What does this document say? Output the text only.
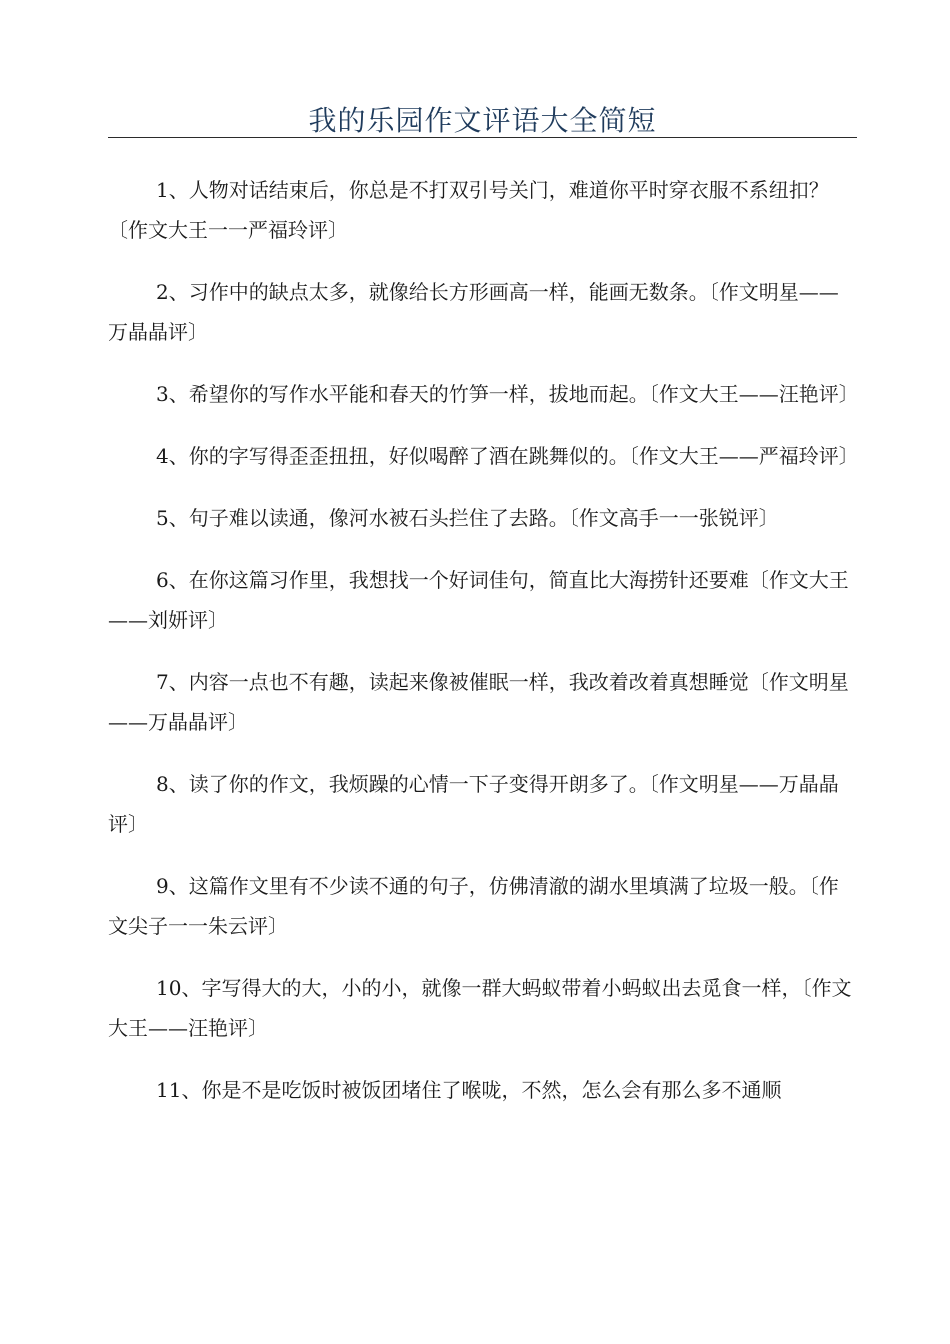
我的乐园作文评语大全简短

1、人物对话结束后，你总是不打双引号关门，难道你平时穿衣服不系纽扣？〔作文大王一一严福玲评〕

2、习作中的缺点太多，就像给长方形画高一样，能画无数条。〔作文明星——万晶晶评〕

3、希望你的写作水平能和春天的竹笋一样，拔地而起。〔作文大王——汪艳评〕

4、你的字写得歪歪扭扭，好似喝醉了酒在跳舞似的。〔作文大王——严福玲评〕

5、句子难以读通，像河水被石头拦住了去路。〔作文高手一一张锐评〕

6、在你这篇习作里，我想找一个好词佳句，简直比大海捞针还要难〔作文大王——刘妍评〕

7、内容一点也不有趣，读起来像被催眠一样，我改着改着真想睡觉〔作文明星——万晶晶评〕

8、读了你的作文，我烦躁的心情一下子变得开朗多了。〔作文明星——万晶晶评〕

9、这篇作文里有不少读不通的句子，仿佛清澈的湖水里填满了垃圾一般。〔作文尖子一一朱云评〕

10、字写得大的大，小的小，就像一群大蚂蚁带着小蚂蚁出去觅食一样，〔作文大王——汪艳评〕

11、你是不是吃饭时被饭团堵住了喉咙，不然，怎么会有那么多不通顺
